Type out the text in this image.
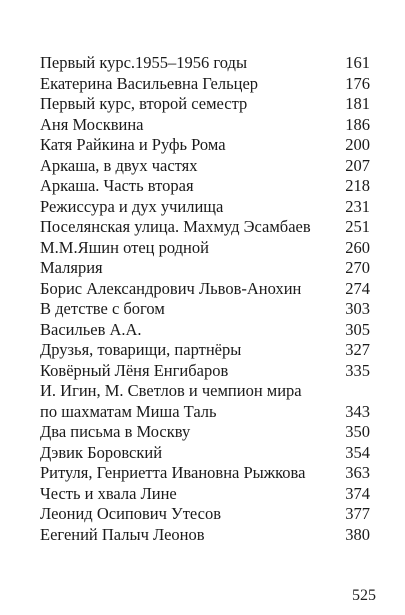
Первый курс.1955–1956 годы	161
Екатерина Васильевна Гельцер	176
Первый курс, второй семестр	181
Аня Москвина	186
Катя Райкина и Руфь Рома	200
Аркаша, в двух частях	207
Аркаша. Часть вторая	218
Режиссура и дух училища	231
Поселянская улица. Махмуд Эсамбаев 251
М.М.Яшин отец родной	260
Малярия	270
Борис Александрович Львов-Анохин	274
В детстве с богом	303
Васильев А.А.	305
Друзья, товарищи, партнёры	327
Ковёрный Лёня Енгибаров	335
И. Игин, М. Светлов и чемпион мира
по шахматам Миша Таль	343
Два письма в Москву	350
Дэвик Боровский	354
Ритуля, Генриетта Ивановна Рыжкова 363
Честь и хвала Лине	374
Леонид Осипович Утесов	377
Еегений Палыч Леонов	380
525
